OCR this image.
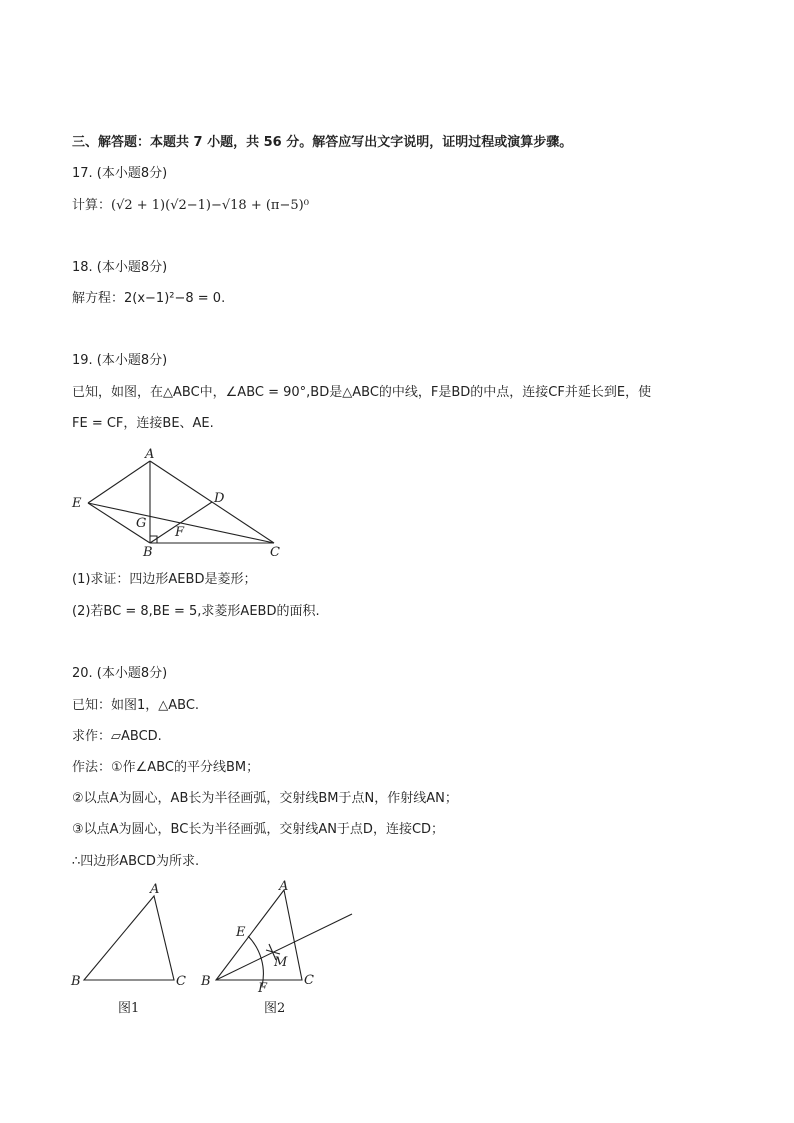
三、解答题：本题共 7 小题，共 56 分。解答应写出文字说明，证明过程或演算步骤。
17. (本小题8分)
计算：(√2 + 1)(√2−1)−√18 + (π−5)⁰
18. (本小题8分)
解方程：2(x−1)²−8 = 0.
19. (本小题8分)
已知，如图，在△ABC中，∠ABC = 90°,BD是△ABC的中线，F是BD的中点，连接CF并延长到E，使
FE = CF，连接BE、AE.
A
E	D
G
F
B	C
(1)求证：四边形AEBD是菱形；
(2)若BC = 8,BE = 5,求菱形AEBD的面积.
20. (本小题8分)
已知：如图1，△ABC.
求作：▱ABCD.
作法：①作∠ABC的平分线BM；
②以点A为圆心，AB长为半径画弧，交射线BM于点N，作射线AN；
③以点A为圆心，BC长为半径画弧，交射线AN于点D，连接CD；
∴四边形ABCD为所求.
A
B	C
图1
A
E
M
B	C
F
图2
